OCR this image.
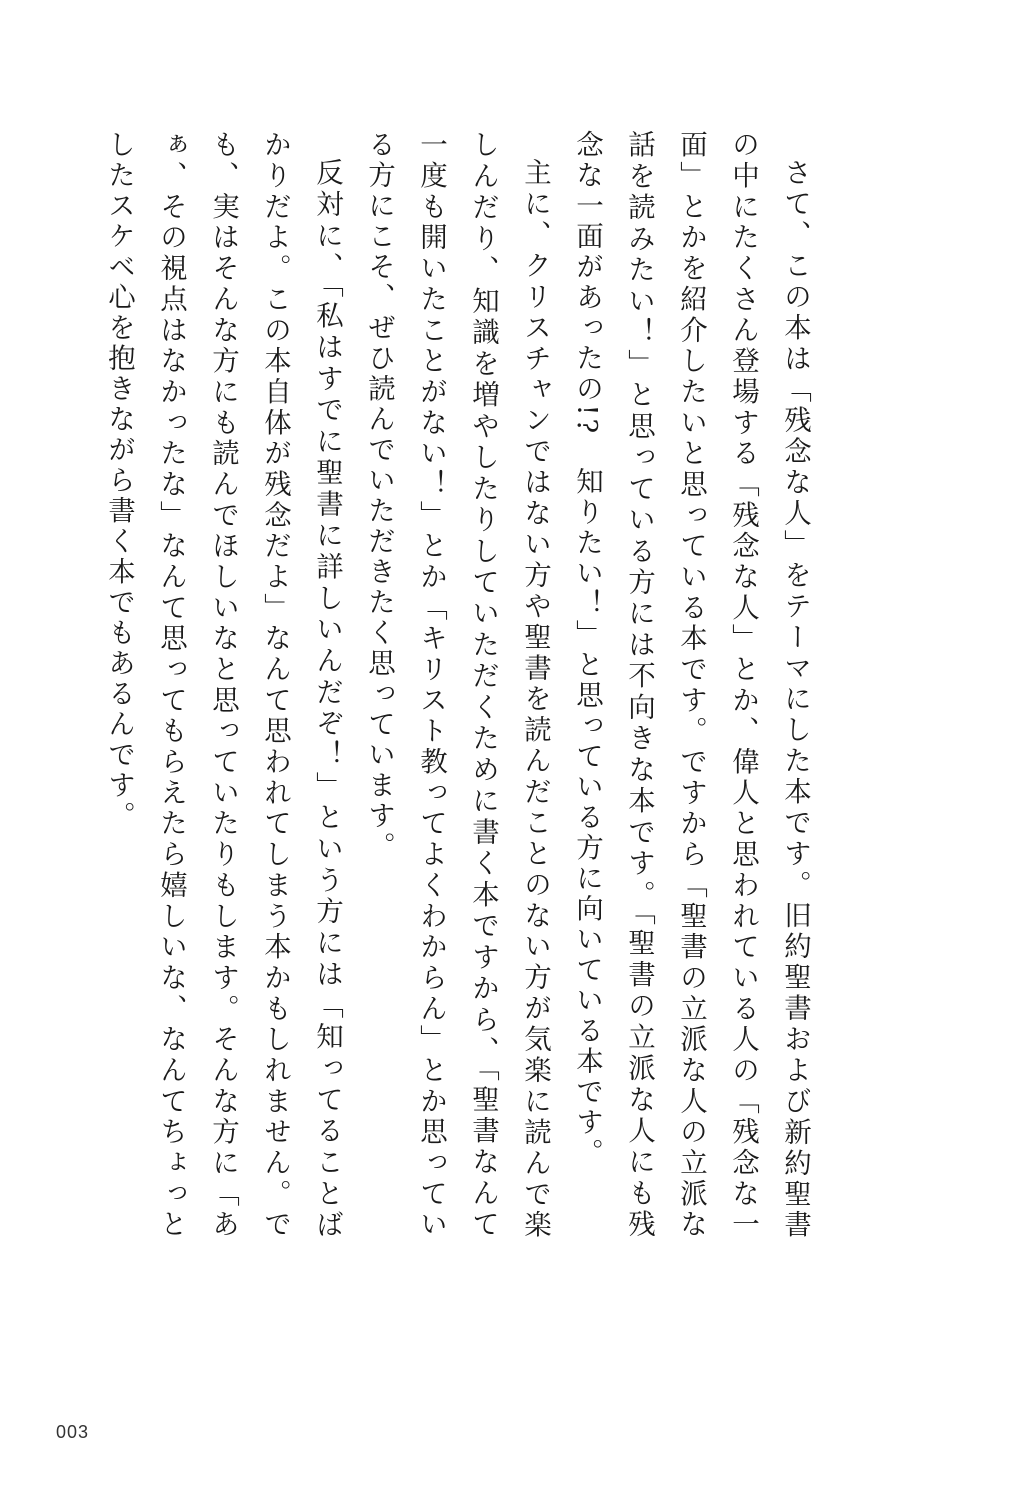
さて、この本は「残念な人」をテーマにした本です。旧約聖書および新約聖書の中にたくさん登場する「残念な人」とか、偉人と思われている人の「残念な一面」とかを紹介したいと思っている本です。ですから「聖書の立派な人の立派な話を読みたい！」と思っている方には不向きな本です。「聖書の立派な人にも残念な一面があったの!?　知りたい！」と思っている方に向いている本です。

主に、クリスチャンではない方や聖書を読んだことのない方が気楽に読んで楽しんだり、知識を増やしたりしていただくために書く本ですから、「聖書なんて一度も開いたことがない！」とか「キリスト教ってよくわからん」とか思っている方にこそ、ぜひ読んでいただきたく思っています。

反対に、「私はすでに聖書に詳しいんだぞ！」という方には「知ってることばかりだよ。この本自体が残念だよ」なんて思われてしまう本かもしれません。でも、実はそんな方にも読んでほしいなと思っていたりもします。そんな方に「あぁ、その視点はなかったな」なんて思ってもらえたら嬉しいな、なんてちょっとしたスケベ心を抱きながら書く本でもあるんです。

003
